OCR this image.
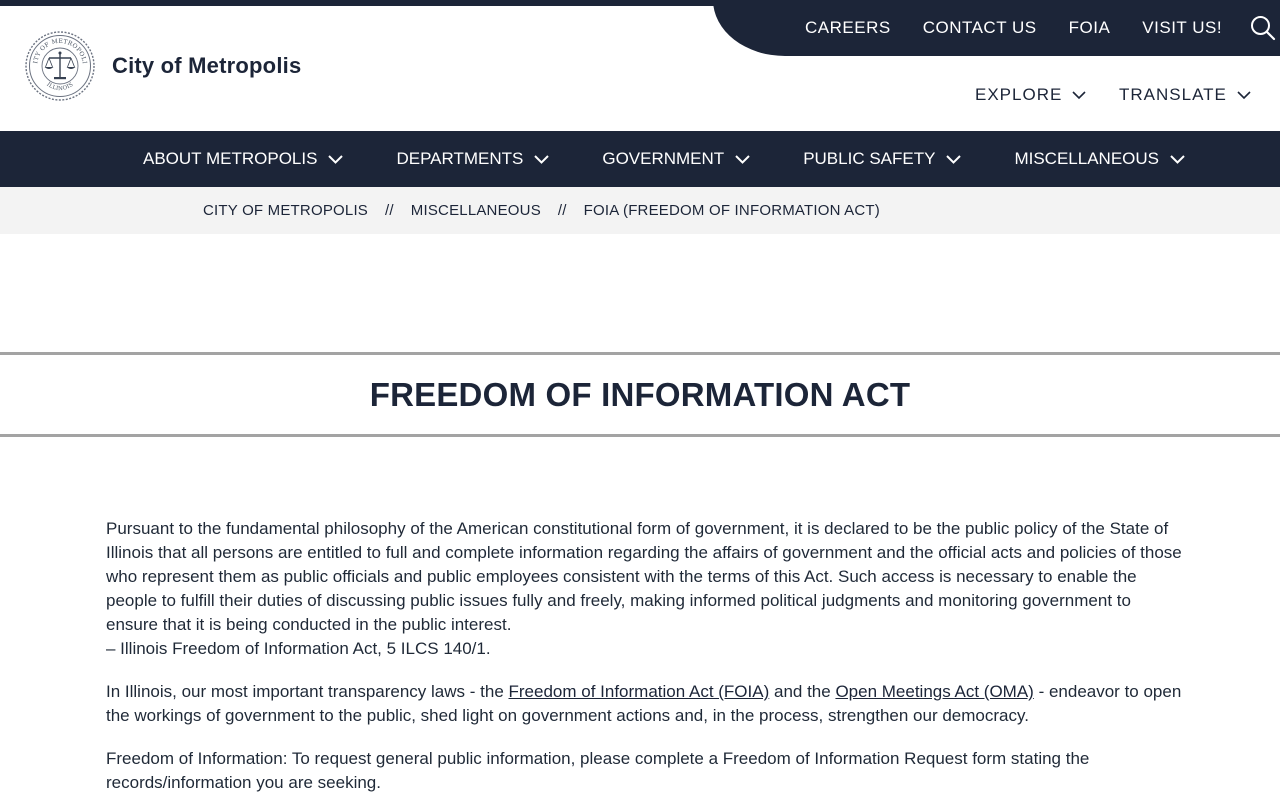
CAREERS CONTACT US FOIA VISIT US!
ITY OF METROPOLI
ILLINOIS
City of Metropolis
EXPLORE	TRANSLATE
ABOUT METROPOLIS	DEPARTMENTS	GOVERNMENT	PUBLIC SAFETY	MISCELLANEOUS
CITY OF METROPOLIS // MISCELLANEOUS // FOIA (FREEDOM OF INFORMATION ACT)
FREEDOM OF INFORMATION ACT

Pursuant to the fundamental philosophy of the American constitutional form of government, it is declared to be the public policy of the State of Illinois that all persons are entitled to full and complete information regarding the affairs of government and the official acts and policies of those who represent them as public officials and public employees consistent with the terms of this Act. Such access is necessary to enable the people to fulfill their duties of discussing public issues fully and freely, making informed political judgments and monitoring government to ensure that it is being conducted in the public interest.
– Illinois Freedom of Information Act, 5 ILCS 140/1.

In Illinois, our most important transparency laws - the Freedom of Information Act (FOIA) and the Open Meetings Act (OMA) - endeavor to open the workings of government to the public, shed light on government actions and, in the process, strengthen our democracy.

Freedom of Information: To request general public information, please complete a Freedom of Information Request form stating the records/information you are seeking.
